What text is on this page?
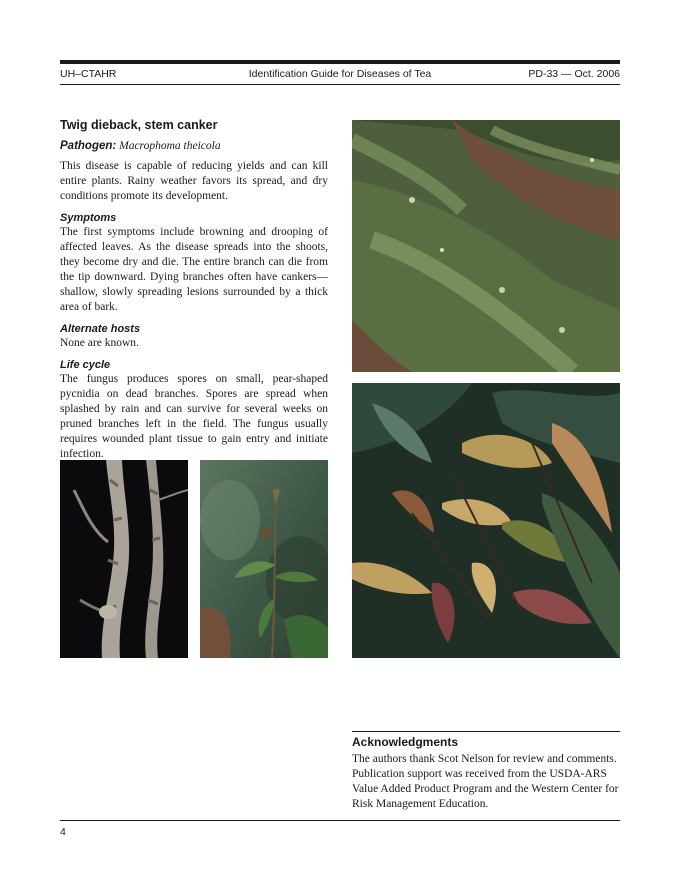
UH–CTAHR	Identification Guide for Diseases of Tea	PD-33 — Oct. 2006
Twig dieback, stem canker

Pathogen: Macrophoma theicola

This disease is capable of reducing yields and can kill entire plants. Rainy weather favors its spread, and dry conditions promote its development.

Symptoms

The first symptoms include browning and drooping of affected leaves. As the disease spreads into the shoots, they become dry and die. The entire branch can die from the tip downward. Dying branches often have cankers—shallow, slowly spreading lesions surrounded by a thick area of bark.

Alternate hosts

None are known.

Life cycle

The fungus produces spores on small, pear-shaped pycnidia on dead branches. Spores are spread when splashed by rain and can survive for several weeks on pruned branches left in the field. The fungus usually requires wounded plant tissue to gain entry and initiate infection.

Acknowledgments

The authors thank Scot Nelson for review and comments. Publication support was received from the USDA-ARS Value Added Product Program and the Western Center for Risk Management Education.

4
